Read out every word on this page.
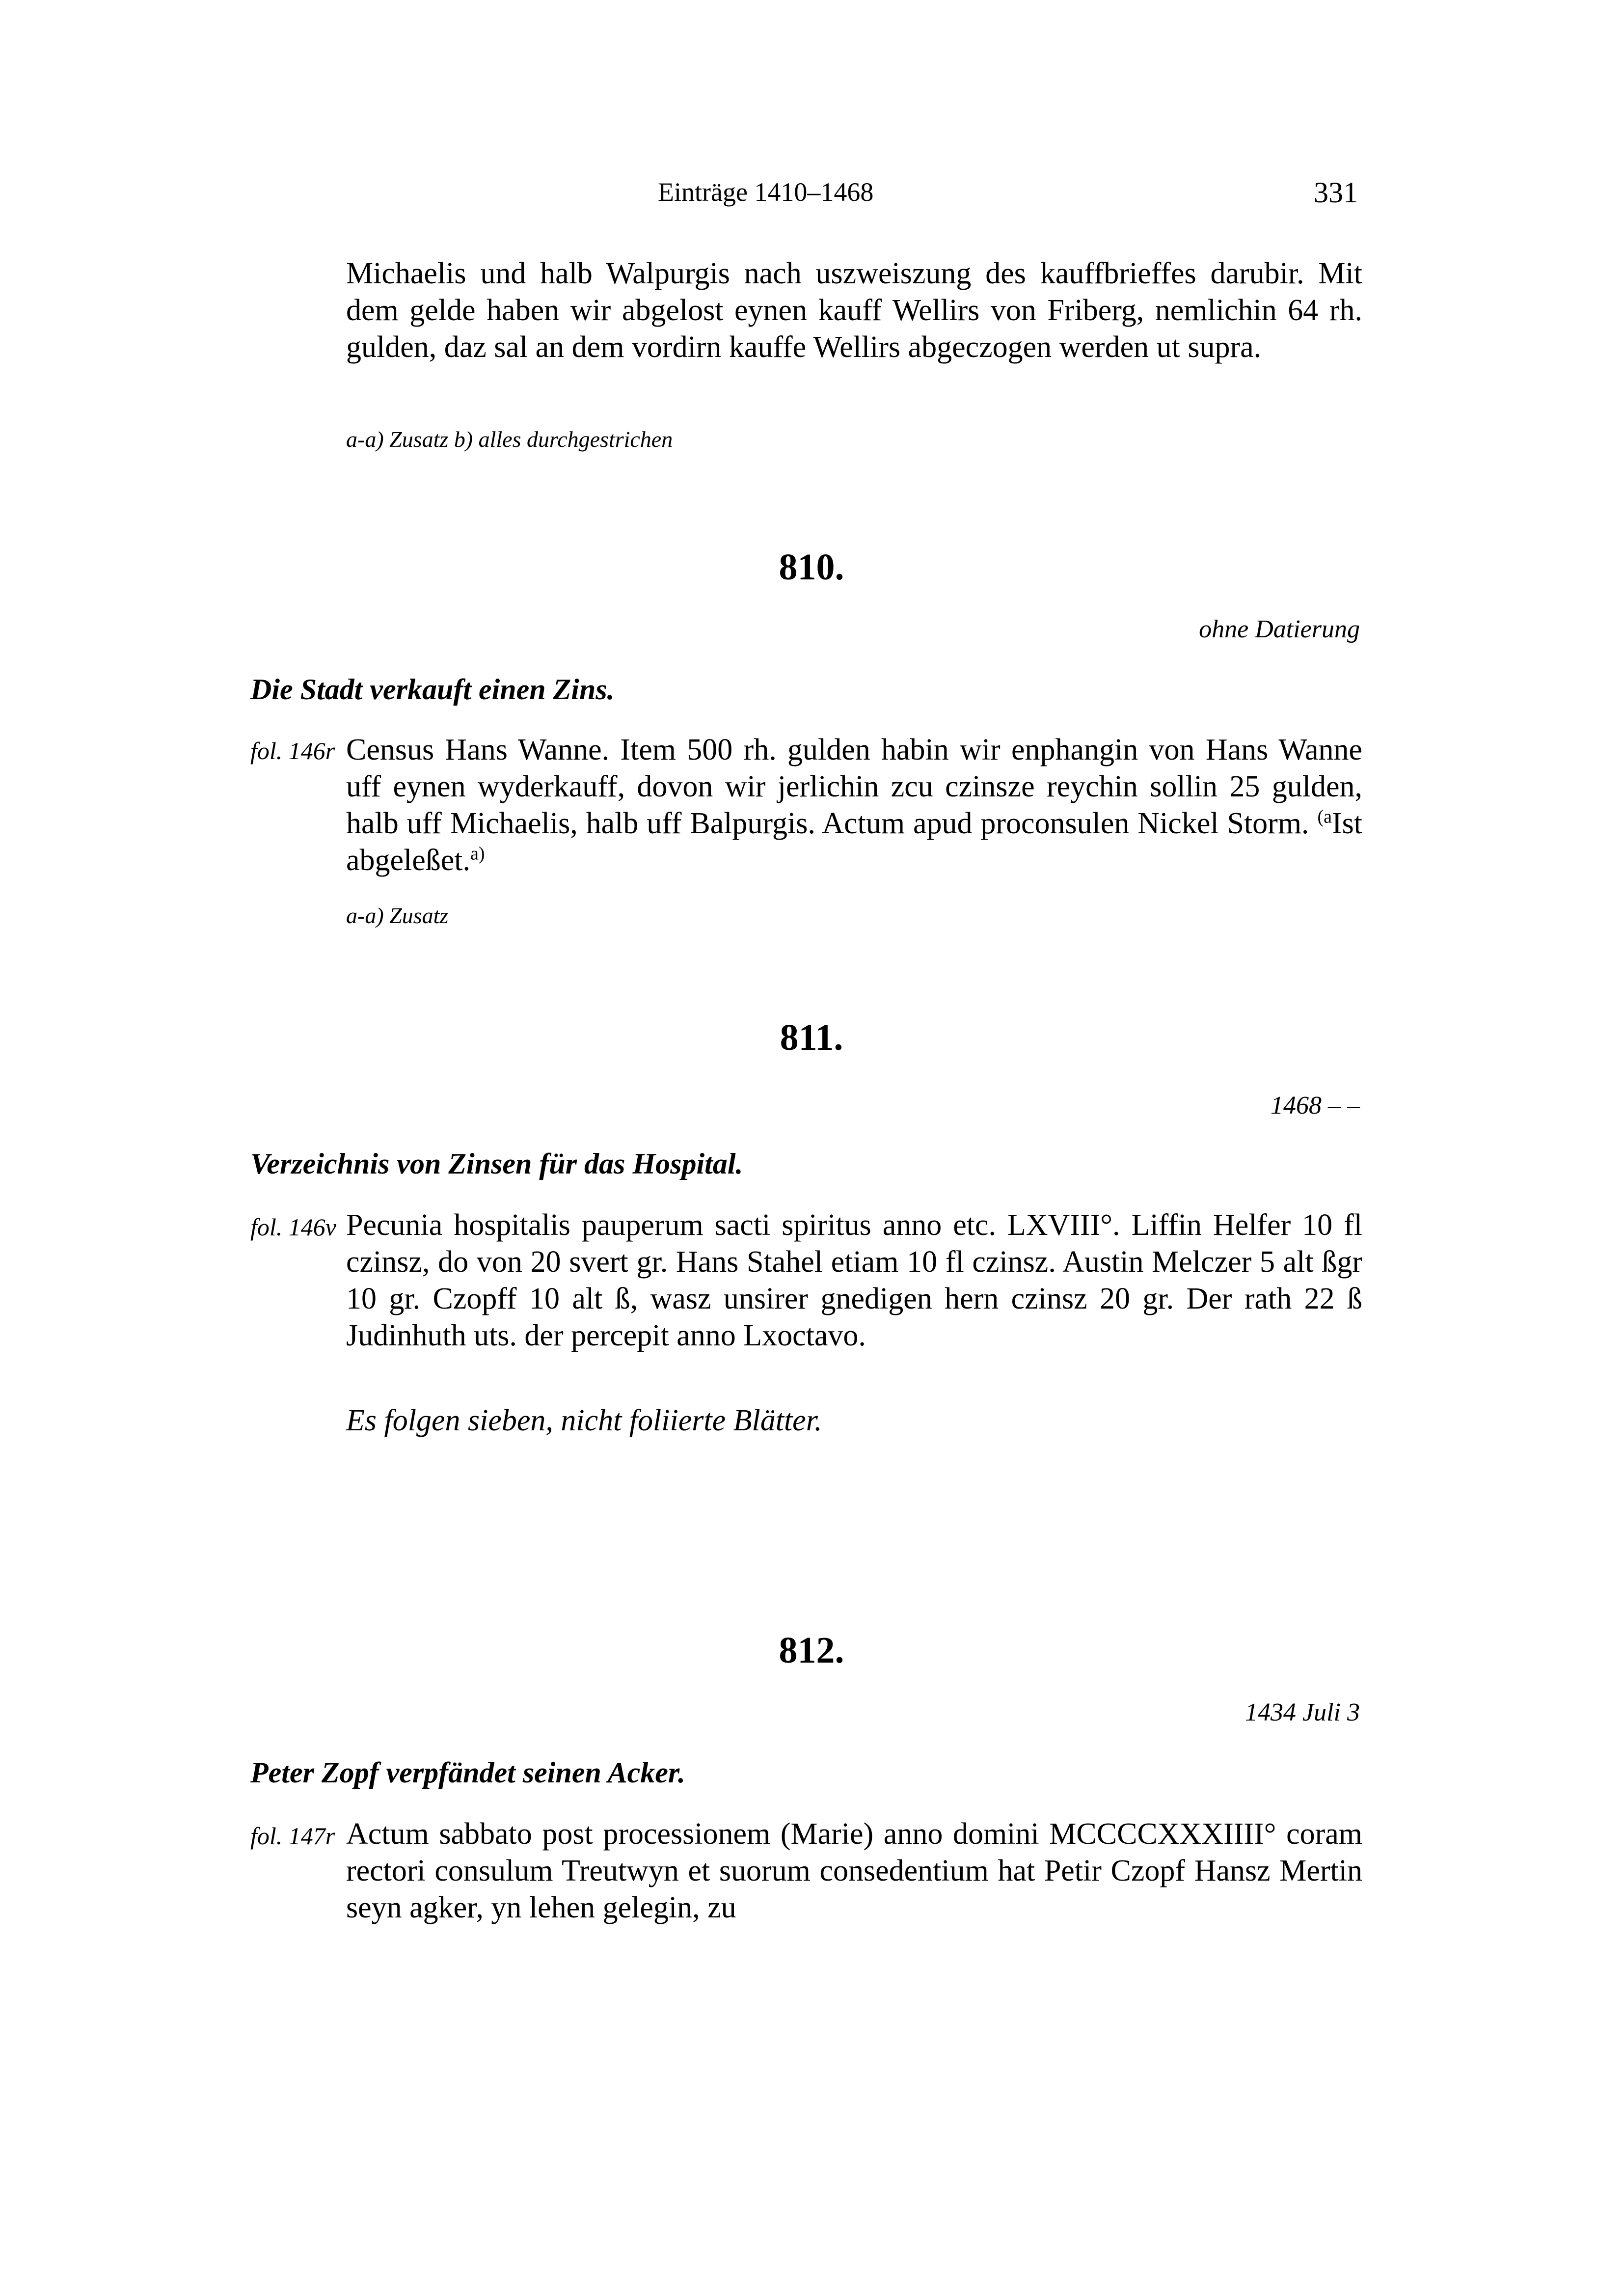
Einträge 1410–1468	331
Michaelis und halb Walpurgis nach uszweiszung des kauffbrieffes darubir. Mit dem gelde haben wir abgelost eynen kauff Wellirs von Friberg, nemlichin 64 rh. gulden, daz sal an dem vordirn kauffe Wellirs abgeczogen werden ut supra.
a-a) Zusatz b) alles durchgestrichen
810.
ohne Datierung
Die Stadt verkauft einen Zins.
fol. 146r Census Hans Wanne. Item 500 rh. gulden habin wir enphangin von Hans Wanne uff eynen wyderkauff, dovon wir jerlichin zcu czinsze reychin sollin 25 gulden, halb uff Michaelis, halb uff Balpurgis. Actum apud proconsulen Nickel Storm. $^{(a}$Ist abgeleßet.$^{a)}$
a-a) Zusatz
811.
1468 – –
Verzeichnis von Zinsen für das Hospital.
fol. 146v Pecunia hospitalis pauperum sacti spiritus anno etc. LXVIII°. Liffin Helfer 10 fl czinsz, do von 20 svert gr. Hans Stahel etiam 10 fl czinsz. Austin Melczer 5 alt ßgr 10 gr. Czopff 10 alt ß, wasz unsirer gnedigen hern czinsz 20 gr. Der rath 22 ß Judinhuth uts. der percepit anno Lxoctavo.
Es folgen sieben, nicht foliierte Blätter.
812.
1434 Juli 3
Peter Zopf verpfändet seinen Acker.
fol. 147r Actum sabbato post processionem (Marie) anno domini MCCCCXXXIIII° coram rectori consulum Treutwyn et suorum consedentium hat Petir Czopf Hansz Mertin seyn agker, yn lehen gelegin, zu
